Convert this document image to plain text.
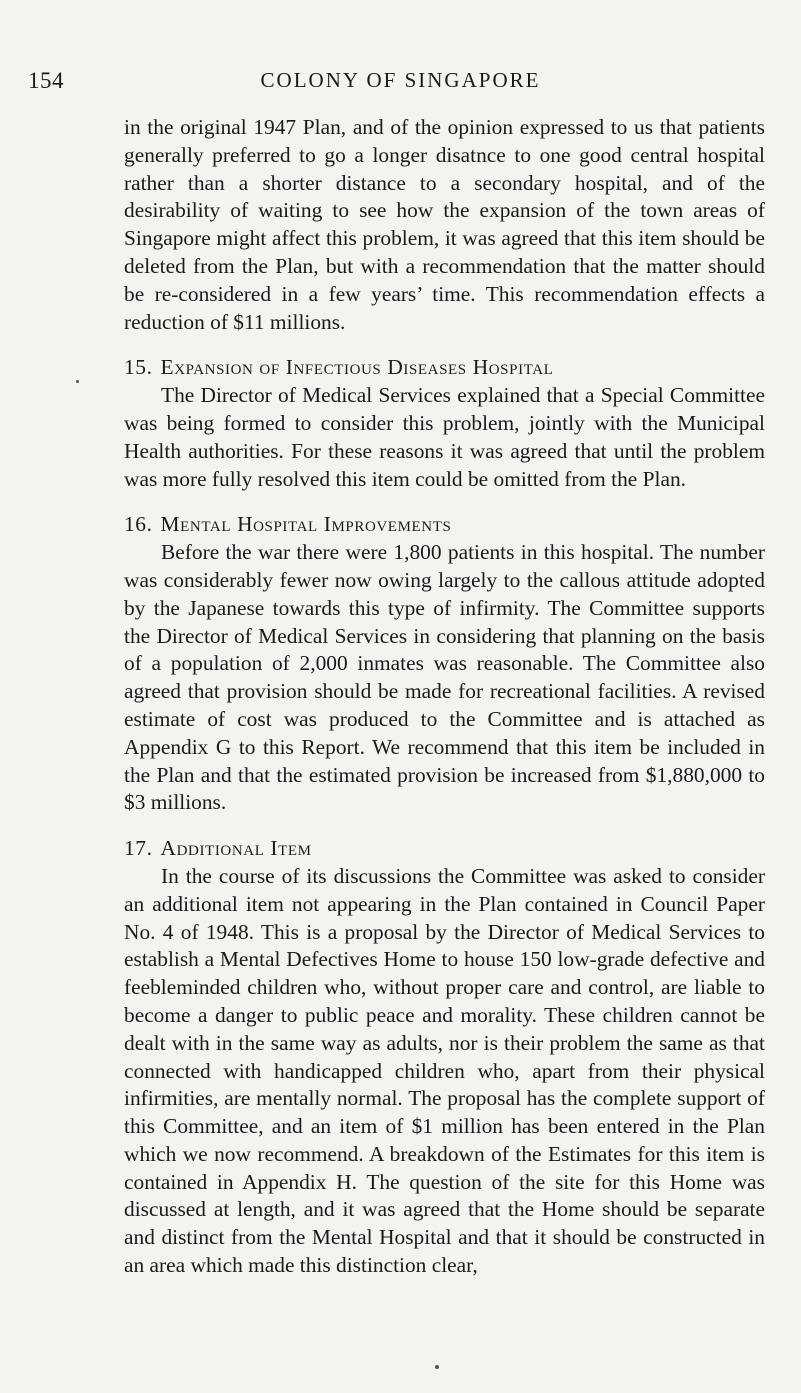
154	COLONY OF SINGAPORE

in the original 1947 Plan, and of the opinion expressed to us that patients generally preferred to go a longer disatnce to one good central hospital rather than a shorter distance to a secondary hospital, and of the desirability of waiting to see how the expansion of the town areas of Singapore might affect this problem, it was agreed that this item should be deleted from the Plan, but with a recommendation that the matter should be re-considered in a few years’ time. This recommendation effects a reduction of $11 millions.

15. Expansion of Infectious Diseases Hospital

The Director of Medical Services explained that a Special Committee was being formed to consider this problem, jointly with the Municipal Health authorities. For these reasons it was agreed that until the problem was more fully resolved this item could be omitted from the Plan.

16. Mental Hospital Improvements

Before the war there were 1,800 patients in this hospital. The number was considerably fewer now owing largely to the callous attitude adopted by the Japanese towards this type of infirmity. The Committee supports the Director of Medical Services in considering that planning on the basis of a population of 2,000 inmates was reasonable. The Committee also agreed that provision should be made for recreational facilities. A revised estimate of cost was produced to the Committee and is attached as Appendix G to this Report. We recommend that this item be included in the Plan and that the estimated provision be increased from $1,880,000 to $3 millions.

17. Additional Item

In the course of its discussions the Committee was asked to consider an additional item not appearing in the Plan contained in Council Paper No. 4 of 1948. This is a proposal by the Director of Medical Services to establish a Mental Defectives Home to house 150 low-grade defective and feebleminded children who, without proper care and control, are liable to become a danger to public peace and morality. These children cannot be dealt with in the same way as adults, nor is their problem the same as that connected with handicapped children who, apart from their physical infirmities, are mentally normal. The proposal has the complete support of this Committee, and an item of $1 million has been entered in the Plan which we now recommend. A breakdown of the Estimates for this item is contained in Appendix H. The question of the site for this Home was discussed at length, and it was agreed that the Home should be separate and distinct from the Mental Hospital and that it should be constructed in an area which made this distinction clear,
